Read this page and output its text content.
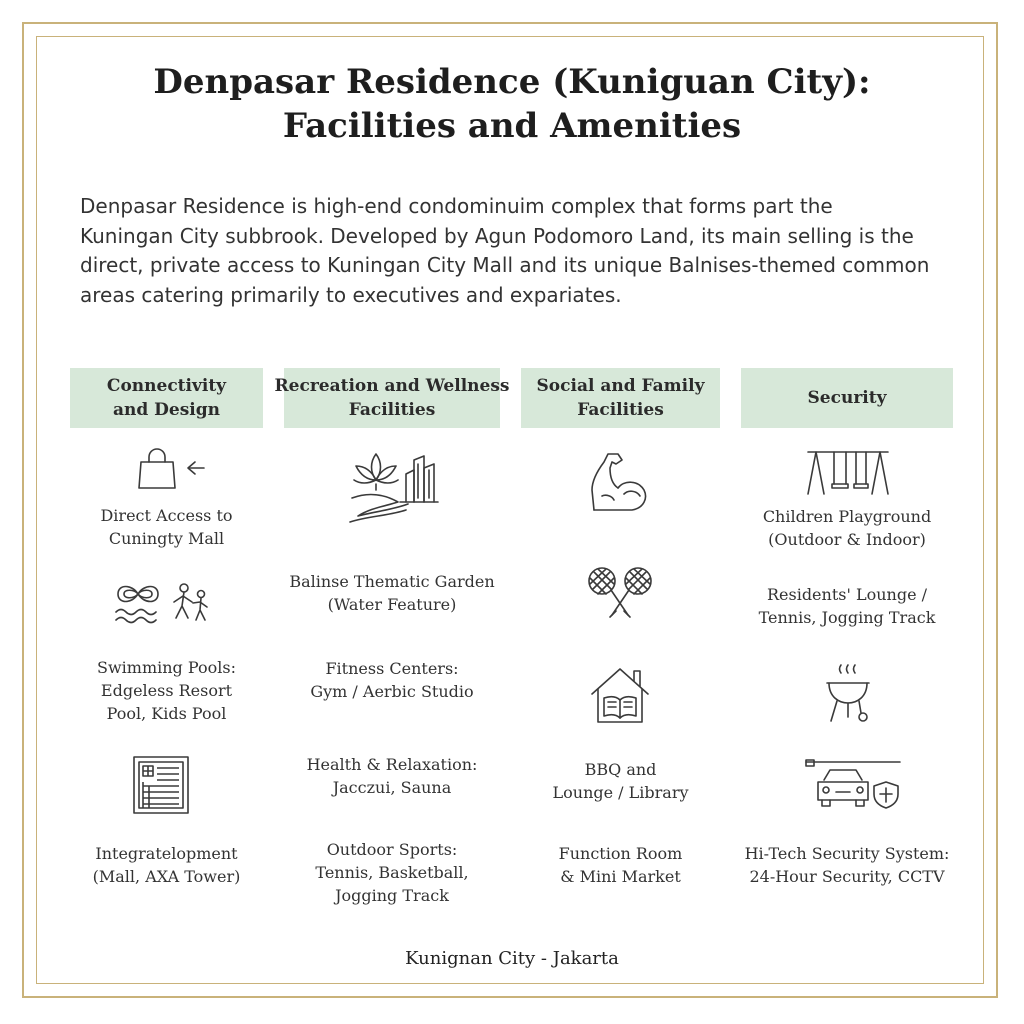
Denpasar Residence (Kuniguan City):
Facilities and Amenities
Denpasar Residence is high-end condominuim complex that forms part the
Kuningan City subbrook. Developed by Agun Podomoro Land, its main selling is the
direct, private access to Kuningan City Mall and its unique Balnises-themed common
areas catering primarily to executives and expariates.
Connectivity
and Design
Recreation and Wellness
Facilities
Social and Family
Facilities
Security
Direct Access to
Cuningty Mall
Swimming Pools:
Edgeless Resort
Pool, Kids Pool
Integratelopment
(Mall, AXA Tower)
Balinse Thematic Garden
(Water Feature)
Fitness Centers:
Gym / Aerbic Studio
Health & Relaxation:
Jacczui, Sauna
Outdoor Sports:
Tennis, Basketball,
Jogging Track
BBQ and
Lounge / Library
Function Room
& Mini Market
Children Playground
(Outdoor & Indoor)
Residents' Lounge /
Tennis, Jogging Track
Hi-Tech Security System:
24-Hour Security, CCTV
Kunignan City - Jakarta
